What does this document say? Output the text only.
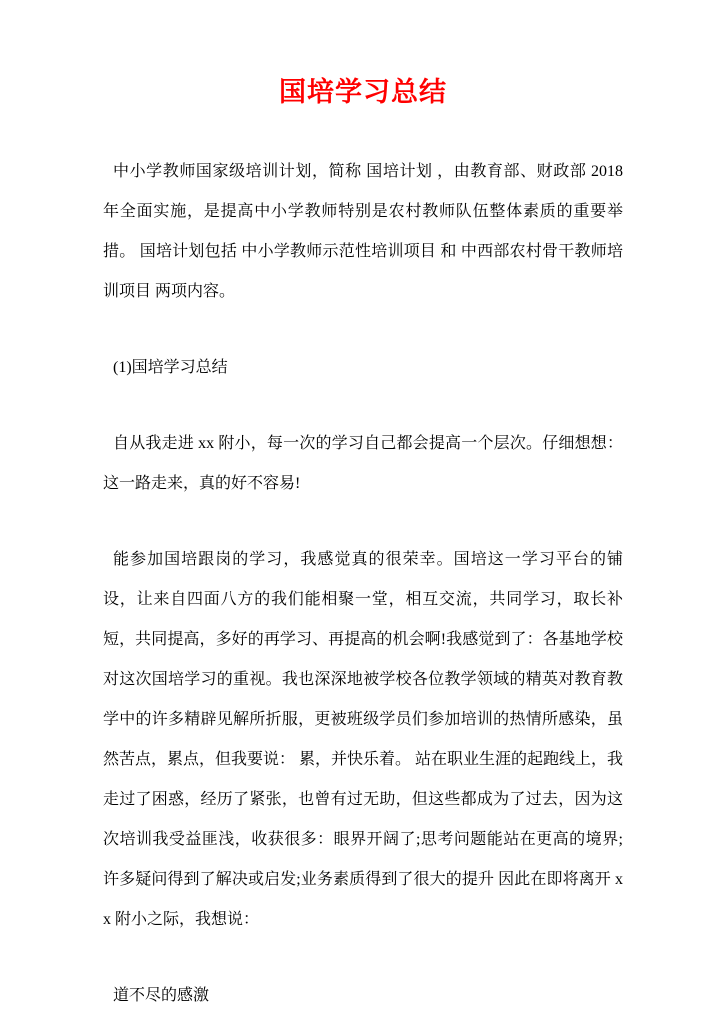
国培学习总结

中小学教师国家级培训计划，简称 国培计划 ，由教育部、财政部 2018 年全面实施，是提高中小学教师特别是农村教师队伍整体素质的重要举措。 国培计划包括 中小学教师示范性培训项目 和 中西部农村骨干教师培训项目 两项内容。

(1)国培学习总结

自从我走进 xx 附小，每一次的学习自己都会提高一个层次。仔细想想：这一路走来，真的好不容易!

能参加国培跟岗的学习，我感觉真的很荣幸。国培这一学习平台的铺设，让来自四面八方的我们能相聚一堂，相互交流，共同学习，取长补短，共同提高，多好的再学习、再提高的机会啊!我感觉到了：各基地学校对这次国培学习的重视。我也深深地被学校各位教学领域的精英对教育教学中的许多精辟见解所折服，更被班级学员们参加培训的热情所感染，虽然苦点，累点，但我要说： 累，并快乐着。 站在职业生涯的起跑线上，我走过了困惑，经历了紧张，也曾有过无助，但这些都成为了过去，因为这次培训我受益匪浅，收获很多：眼界开阔了;思考问题能站在更高的境界;许多疑问得到了解决或启发;业务素质得到了很大的提升 因此在即将离开 xx 附小之际，我想说：

道不尽的感激
